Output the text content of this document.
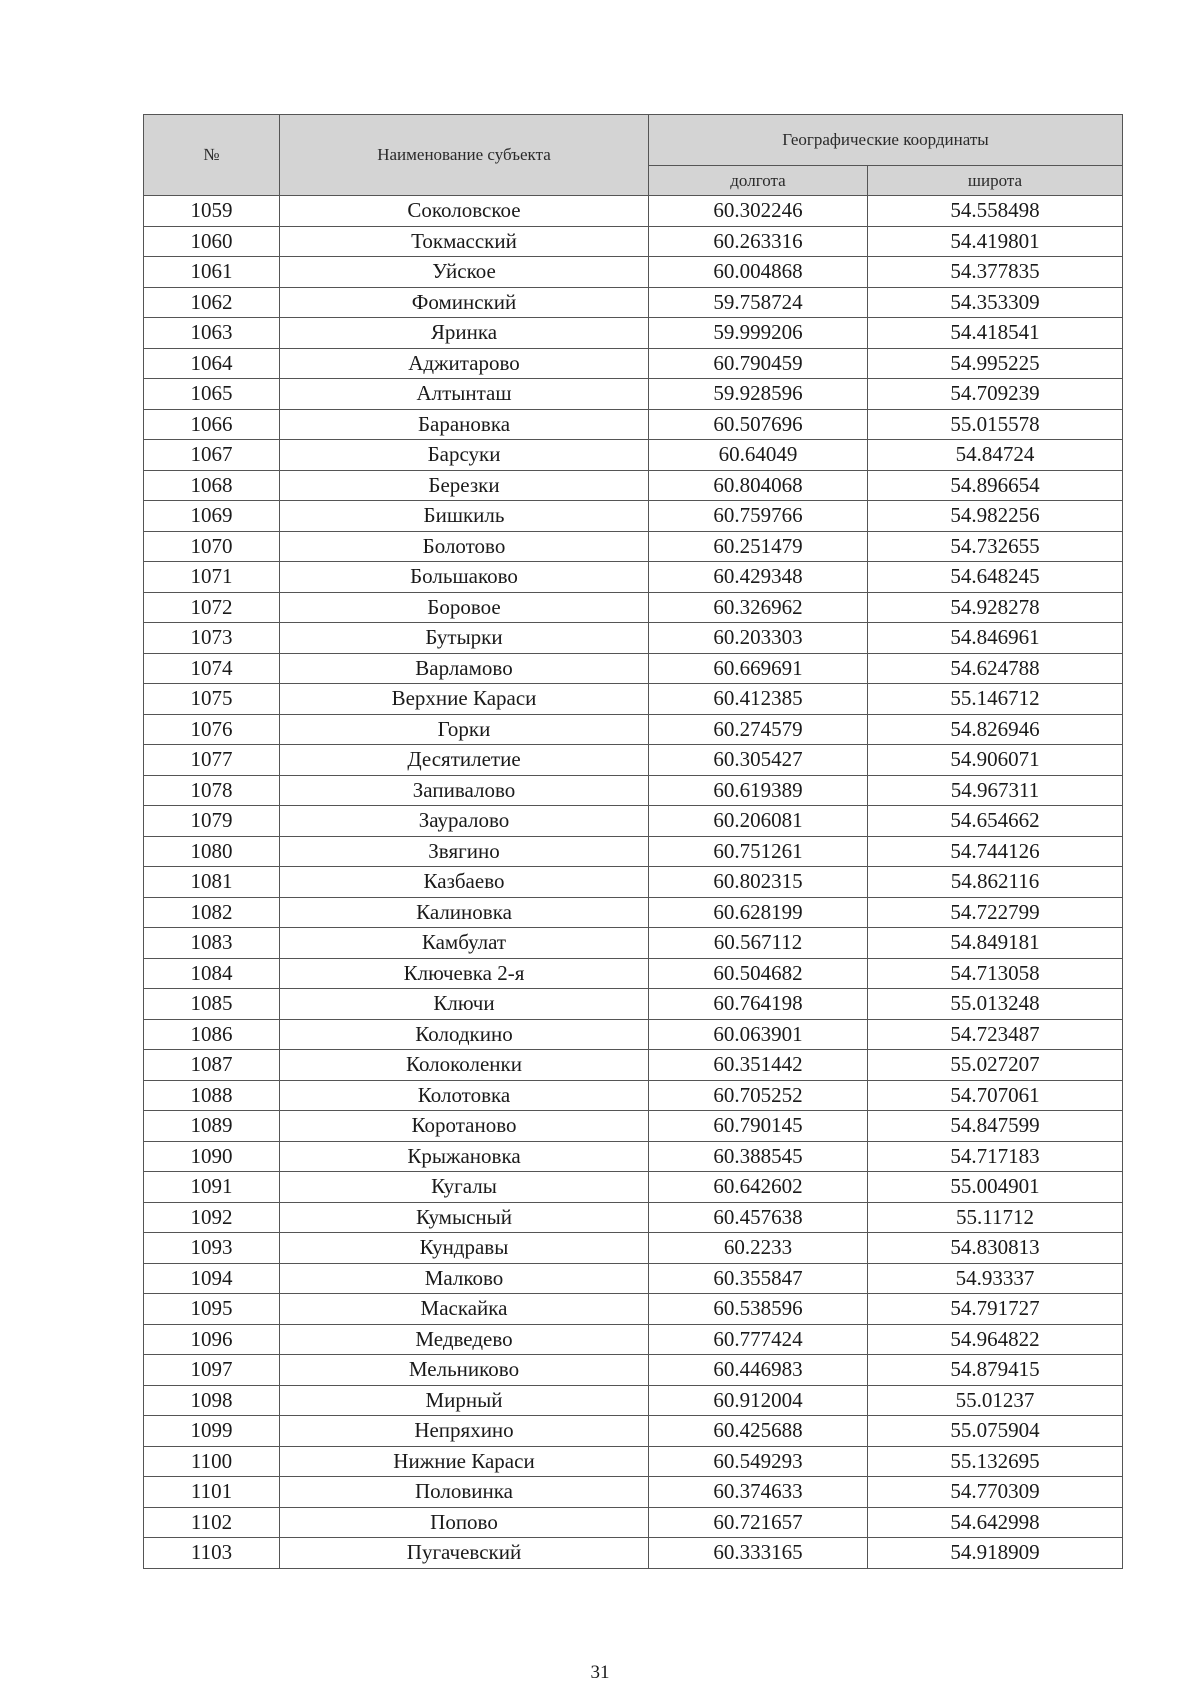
№	Наименование субъекта	Географические координаты	
		долгота	широта
1059	Соколовское	60.302246	54.558498
1060	Токмасский	60.263316	54.419801
1061	Уйское	60.004868	54.377835
1062	Фоминский	59.758724	54.353309
1063	Яринка	59.999206	54.418541
1064	Аджитарово	60.790459	54.995225
1065	Алтынташ	59.928596	54.709239
1066	Барановка	60.507696	55.015578
1067	Барсуки	60.64049	54.84724
1068	Березки	60.804068	54.896654
1069	Бишкиль	60.759766	54.982256
1070	Болотово	60.251479	54.732655
1071	Большаково	60.429348	54.648245
1072	Боровое	60.326962	54.928278
1073	Бутырки	60.203303	54.846961
1074	Варламово	60.669691	54.624788
1075	Верхние Караси	60.412385	55.146712
1076	Горки	60.274579	54.826946
1077	Десятилетие	60.305427	54.906071
1078	Запивалово	60.619389	54.967311
1079	Зауралово	60.206081	54.654662
1080	Звягино	60.751261	54.744126
1081	Казбаево	60.802315	54.862116
1082	Калиновка	60.628199	54.722799
1083	Камбулат	60.567112	54.849181
1084	Ключевка 2-я	60.504682	54.713058
1085	Ключи	60.764198	55.013248
1086	Колодкино	60.063901	54.723487
1087	Колоколенки	60.351442	55.027207
1088	Колотовка	60.705252	54.707061
1089	Коротаново	60.790145	54.847599
1090	Крыжановка	60.388545	54.717183
1091	Кугалы	60.642602	55.004901
1092	Кумысный	60.457638	55.11712
1093	Кундравы	60.2233	54.830813
1094	Малково	60.355847	54.93337
1095	Маскайка	60.538596	54.791727
1096	Медведево	60.777424	54.964822
1097	Мельниково	60.446983	54.879415
1098	Мирный	60.912004	55.01237
1099	Непряхино	60.425688	55.075904
1100	Нижние Караси	60.549293	55.132695
1101	Половинка	60.374633	54.770309
1102	Попово	60.721657	54.642998
1103	Пугачевский	60.333165	54.918909
31
